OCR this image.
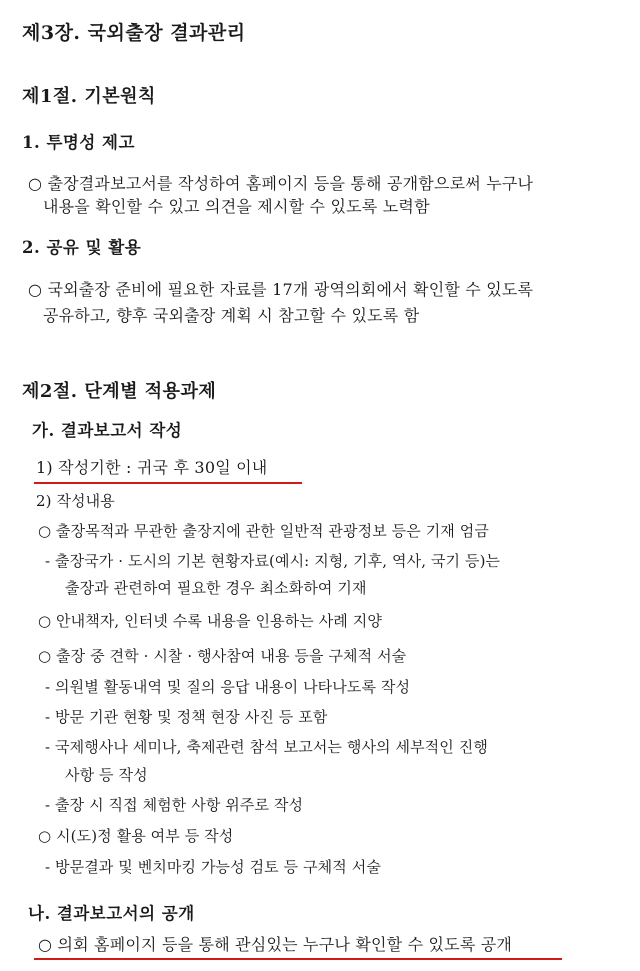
제3장. 국외출장 결과관리
제1절. 기본원칙
1. 투명성 제고
○ 출장결과보고서를 작성하여 홈페이지 등을 통해 공개함으로써 누구나
내용을 확인할 수 있고 의견을 제시할 수 있도록 노력함
2. 공유 및 활용
○ 국외출장 준비에 필요한 자료를 17개 광역의회에서 확인할 수 있도록
공유하고, 향후 국외출장 계획 시 참고할 수 있도록 함
제2절. 단계별 적용과제
가. 결과보고서 작성
1) 작성기한 : 귀국 후 30일 이내
2) 작성내용
○ 출장목적과 무관한 출장지에 관한 일반적 관광정보 등은 기재 엄금
- 출장국가 · 도시의 기본 현황자료(예시: 지형, 기후, 역사, 국기 등)는
출장과 관련하여 필요한 경우 최소화하여 기재
○ 안내책자, 인터넷 수록 내용을 인용하는 사례 지양
○ 출장 중 견학 · 시찰 · 행사참여 내용 등을 구체적 서술
- 의원별 활동내역 및 질의 응답 내용이 나타나도록 작성
- 방문 기관 현황 및 정책 현장 사진 등 포함
- 국제행사나 세미나, 축제관련 참석 보고서는 행사의 세부적인 진행
사항 등 작성
- 출장 시 직접 체험한 사항 위주로 작성
○ 시(도)정 활용 여부 등 작성
- 방문결과 및 벤치마킹 가능성 검토 등 구체적 서술
나. 결과보고서의 공개
○ 의회 홈페이지 등을 통해 관심있는 누구나 확인할 수 있도록 공개
